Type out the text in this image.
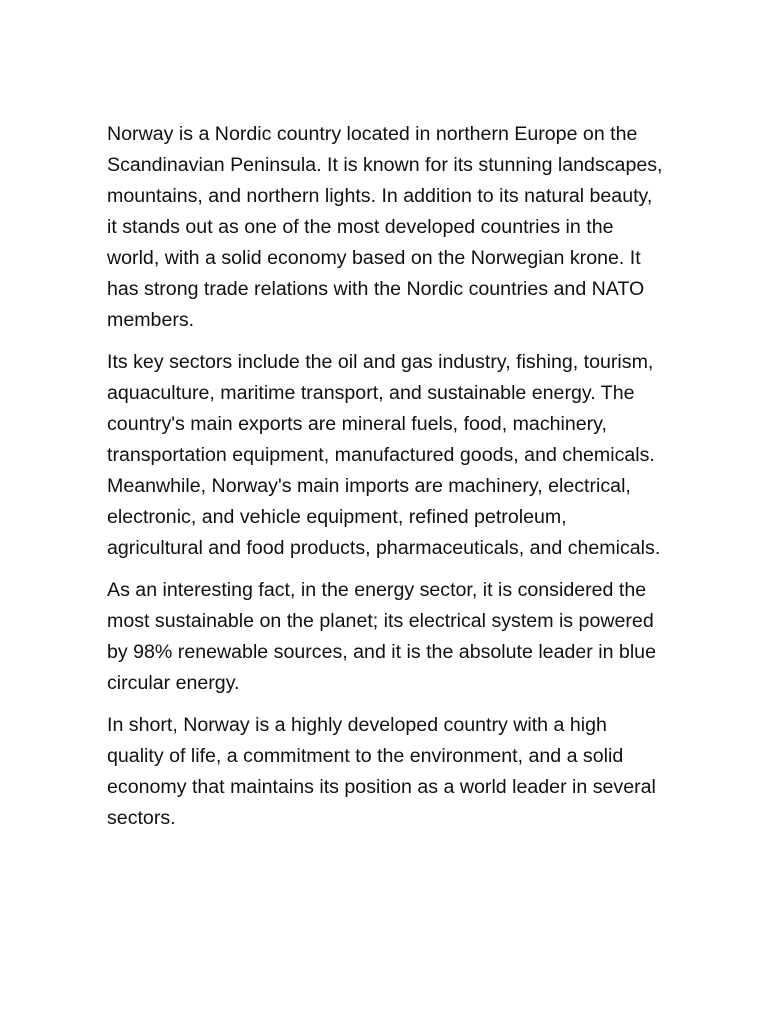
Norway is a Nordic country located in northern Europe on the Scandinavian Peninsula. It is known for its stunning landscapes, mountains, and northern lights. In addition to its natural beauty, it stands out as one of the most developed countries in the world, with a solid economy based on the Norwegian krone. It has strong trade relations with the Nordic countries and NATO members.

Its key sectors include the oil and gas industry, fishing, tourism, aquaculture, maritime transport, and sustainable energy. The country's main exports are mineral fuels, food, machinery, transportation equipment, manufactured goods, and chemicals. Meanwhile, Norway's main imports are machinery, electrical, electronic, and vehicle equipment, refined petroleum, agricultural and food products, pharmaceuticals, and chemicals.

As an interesting fact, in the energy sector, it is considered the most sustainable on the planet; its electrical system is powered by 98% renewable sources, and it is the absolute leader in blue circular energy.

In short, Norway is a highly developed country with a high quality of life, a commitment to the environment, and a solid economy that maintains its position as a world leader in several sectors.
